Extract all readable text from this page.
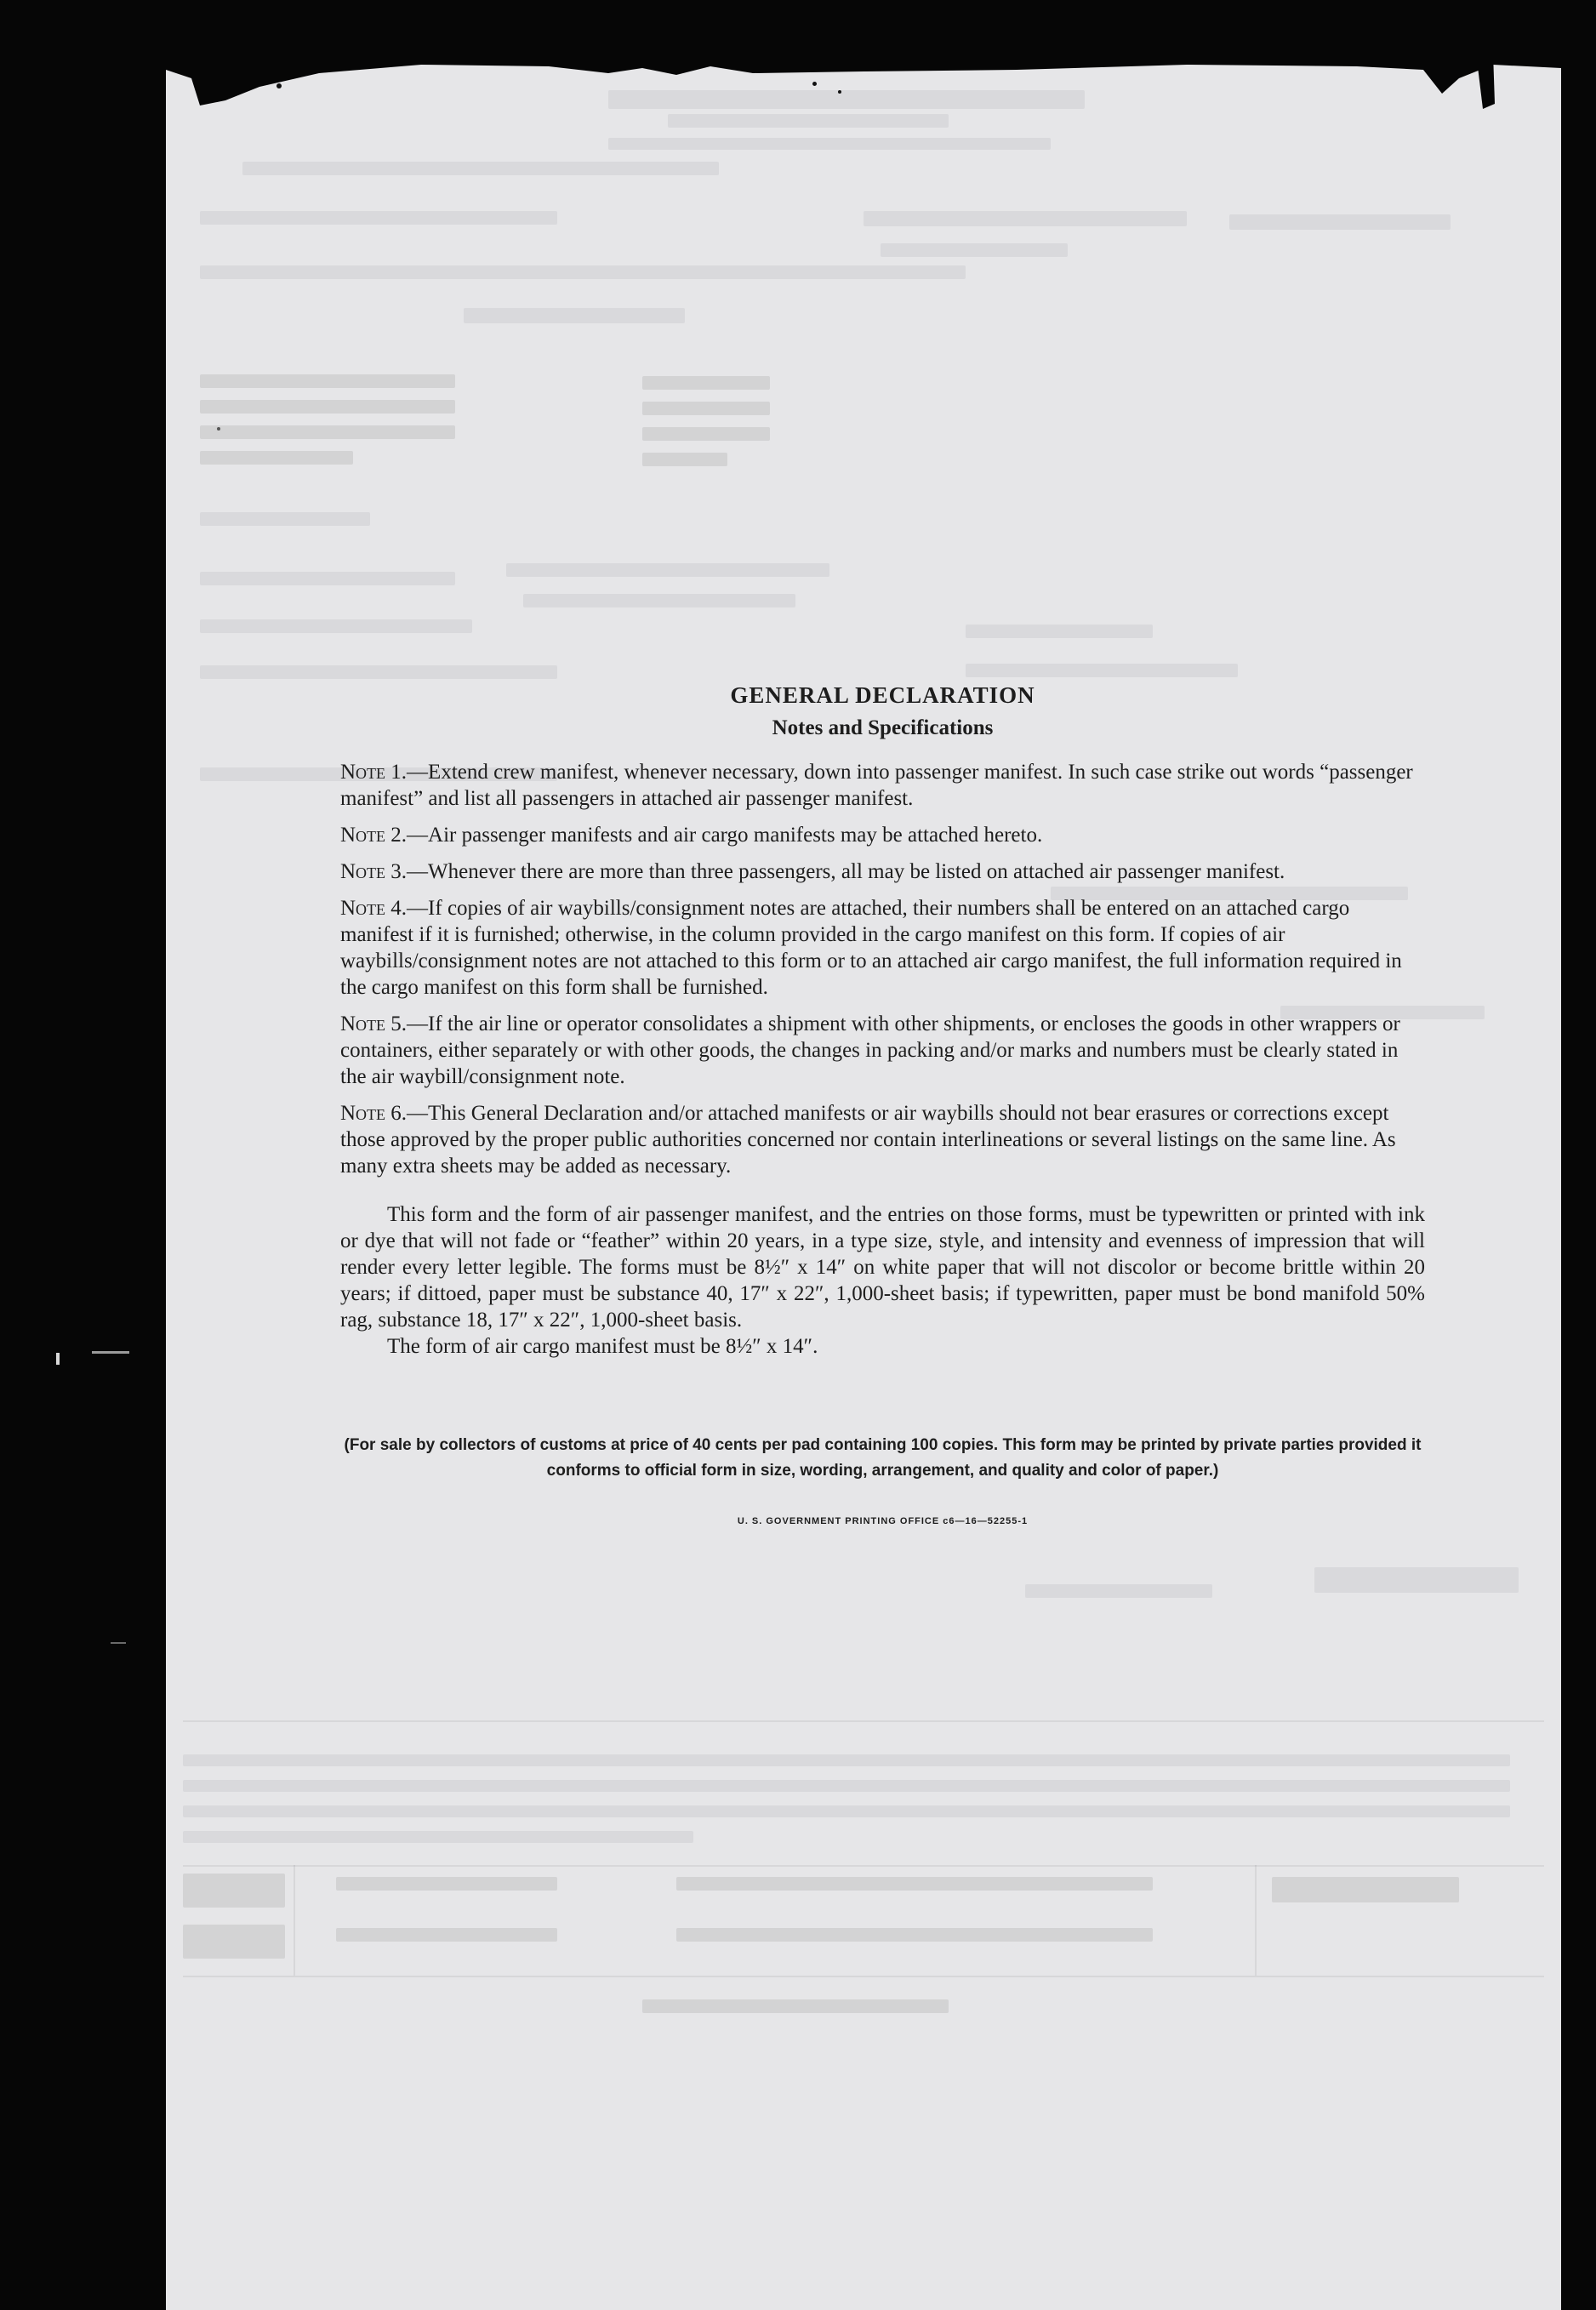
GENERAL DECLARATION
Notes and Specifications
Note 1.—Extend crew manifest, whenever necessary, down into passenger manifest. In such case strike out words “passenger manifest” and list all passengers in attached air passenger manifest.
Note 2.—Air passenger manifests and air cargo manifests may be attached hereto.
Note 3.—Whenever there are more than three passengers, all may be listed on attached air passenger manifest.
Note 4.—If copies of air waybills/consignment notes are attached, their numbers shall be entered on an attached cargo manifest if it is furnished; otherwise, in the column provided in the cargo manifest on this form. If copies of air waybills/consignment notes are not attached to this form or to an attached air cargo manifest, the full information required in the cargo manifest on this form shall be furnished.
Note 5.—If the air line or operator consolidates a shipment with other shipments, or encloses the goods in other wrappers or containers, either separately or with other goods, the changes in packing and/or marks and numbers must be clearly stated in the air waybill/consignment note.
Note 6.—This General Declaration and/or attached manifests or air waybills should not bear erasures or corrections except those approved by the proper public authorities concerned nor contain interlineations or several listings on the same line. As many extra sheets may be added as necessary.

This form and the form of air passenger manifest, and the entries on those forms, must be typewritten or printed with ink or dye that will not fade or “feather” within 20 years, in a type size, style, and intensity and evenness of impression that will render every letter legible. The forms must be 8½″ x 14″ on white paper that will not discolor or become brittle within 20 years; if dittoed, paper must be substance 40, 17″ x 22″, 1,000-sheet basis; if typewritten, paper must be bond manifold 50% rag, substance 18, 17″ x 22″, 1,000-sheet basis.

The form of air cargo manifest must be 8½″ x 14″.

(For sale by collectors of customs at price of 40 cents per pad containing 100 copies. This form may be printed by private parties provided it conforms to official form in size, wording, arrangement, and quality and color of paper.)

U. S. GOVERNMENT PRINTING OFFICE c6—16—52255-1
